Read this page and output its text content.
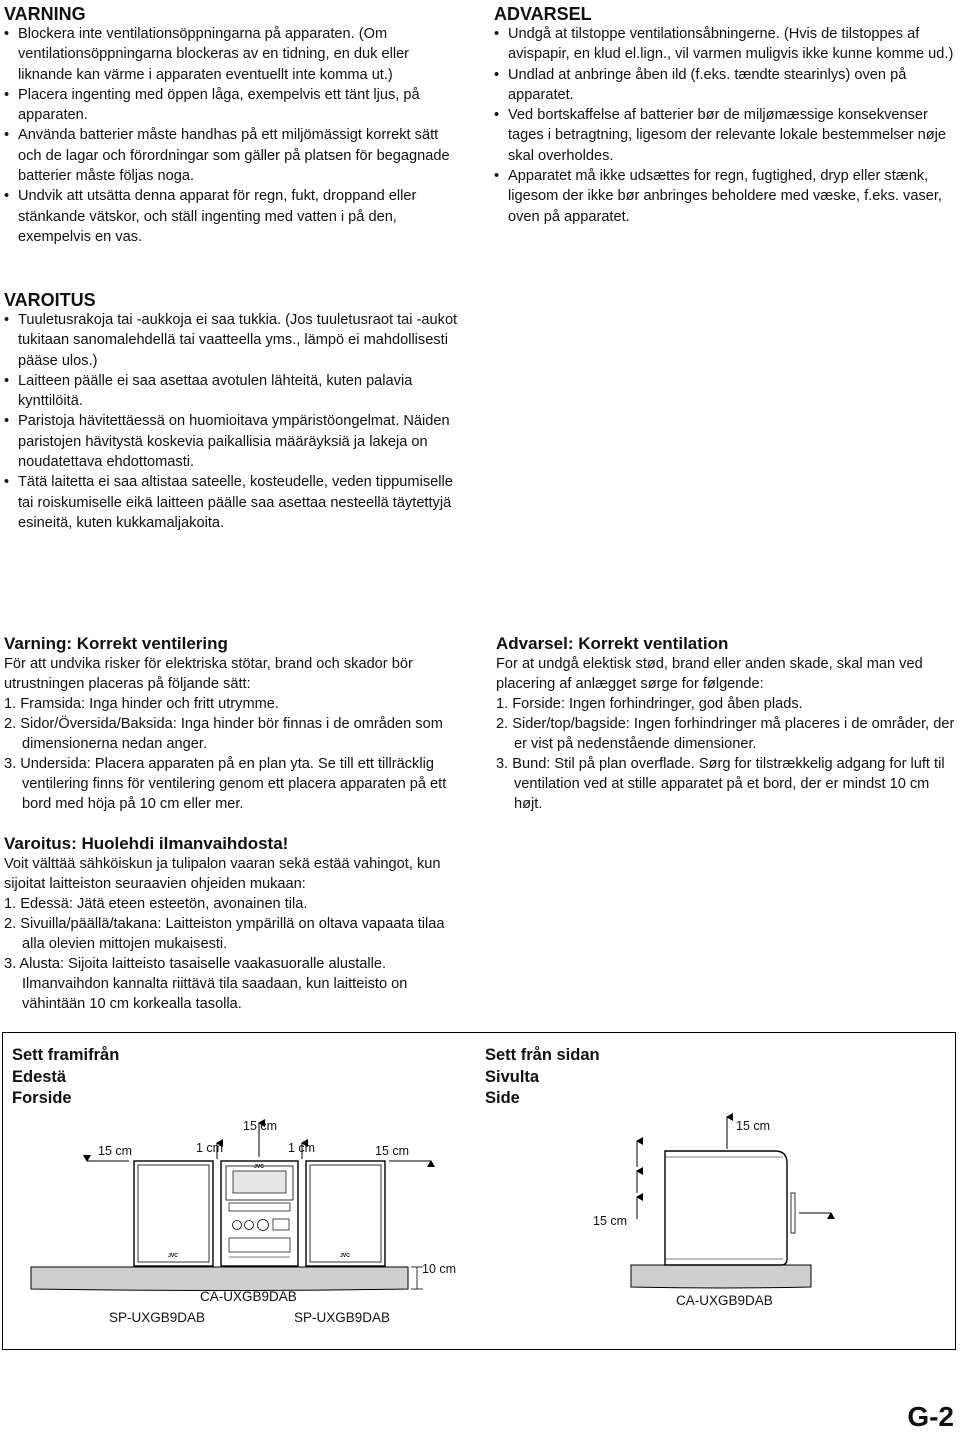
VARNING
• Blockera inte ventilationsöppningarna på apparaten. (Om ventilationsöppningarna blockeras av en tidning, en duk eller liknande kan värme i apparaten eventuellt inte komma ut.)
• Placera ingenting med öppen låga, exempelvis ett tänt ljus, på apparaten.
• Använda batterier måste handhas på ett miljömässigt korrekt sätt och de lagar och förordningar som gäller på platsen för begagnade batterier måste följas noga.
• Undvik att utsätta denna apparat för regn, fukt, droppand eller stänkande vätskor, och ställ ingenting med vatten i på den, exempelvis en vas.
ADVARSEL
• Undgå at tilstoppe ventilationsåbningerne. (Hvis de tilstoppes af avispapir, en klud el.lign., vil varmen muligvis ikke kunne komme ud.)
• Undlad at anbringe åben ild (f.eks. tændte stearinlys) oven på apparatet.
• Ved bortskaffelse af batterier bør de miljømæssige konsekvenser tages i betragtning, ligesom der relevante lokale bestemmelser nøje skal overholdes.
• Apparatet må ikke udsættes for regn, fugtighed, dryp eller stænk, ligesom der ikke bør anbringes beholdere med væske, f.eks. vaser, oven på apparatet.
VAROITUS
• Tuuletusrakoja tai -aukkoja ei saa tukkia. (Jos tuuletusraot tai -aukot tukitaan sanomalehdellä tai vaatteella yms., lämpö ei mahdollisesti pääse ulos.)
• Laitteen päälle ei saa asettaa avotulen lähteitä, kuten palavia kynttilöitä.
• Paristoja hävitettäessä on huomioitava ympäristöongelmat. Näiden paristojen hävitystä koskevia paikallisia määräyksiä ja lakeja on noudatettava ehdottomasti.
• Tätä laitetta ei saa altistaa sateelle, kosteudelle, veden tippumiselle tai roiskumiselle eikä laitteen päälle saa asettaa nesteellä täytettyjä esineitä, kuten kukkamaljakoita.
Varning: Korrekt ventilering

För att undvika risker för elektriska stötar, brand och skador bör utrustningen placeras på följande sätt:

1. Framsida: Inga hinder och fritt utrymme.
2. Sidor/Översida/Baksida: Inga hinder bör finnas i de områden som dimensionerna nedan anger.
3. Undersida: Placera apparaten på en plan yta. Se till ett tillräcklig ventilering finns för ventilering genom ett placera apparaten på ett bord med höja på 10 cm eller mer.
Advarsel: Korrekt ventilation

For at undgå elektisk stød, brand eller anden skade, skal man ved placering af anlægget sørge for følgende:

1. Forside: Ingen forhindringer, god åben plads.
2. Sider/top/bagside: Ingen forhindringer må placeres i de områder, der er vist på nedenstående dimensioner.
3. Bund: Stil på plan overflade. Sørg for tilstrækkelig adgang for luft til ventilation ved at stille apparatet på et bord, der er mindst 10 cm højt.
Varoitus: Huolehdi ilmanvaihdosta!

Voit välttää sähköiskun ja tulipalon vaaran sekä estää vahingot, kun sijoitat laitteiston seuraavien ohjeiden mukaan:

1. Edessä: Jätä eteen esteetön, avonainen tila.
2. Sivuilla/päällä/takana: Laitteiston ympärillä on oltava vapaata tilaa alla olevien mittojen mukaisesti.
3. Alusta: Sijoita laitteisto tasaiselle vaakasuoralle alustalle. Ilmanvaihdon kannalta riittävä tila saadaan, kun laitteisto on vähintään 10 cm korkealla tasolla.
JVC
JVC
JVC
Sett framifrån
Edestä
Forside
15 cm	1 cm
15 cm
1 cm	15 cm
CA-UXGB9DAB
SP-UXGB9DAB	SP-UXGB9DAB
Sett från sidan
Sivulta
Side
15 cm
15 cm
10 cm
CA-UXGB9DAB
G-2
